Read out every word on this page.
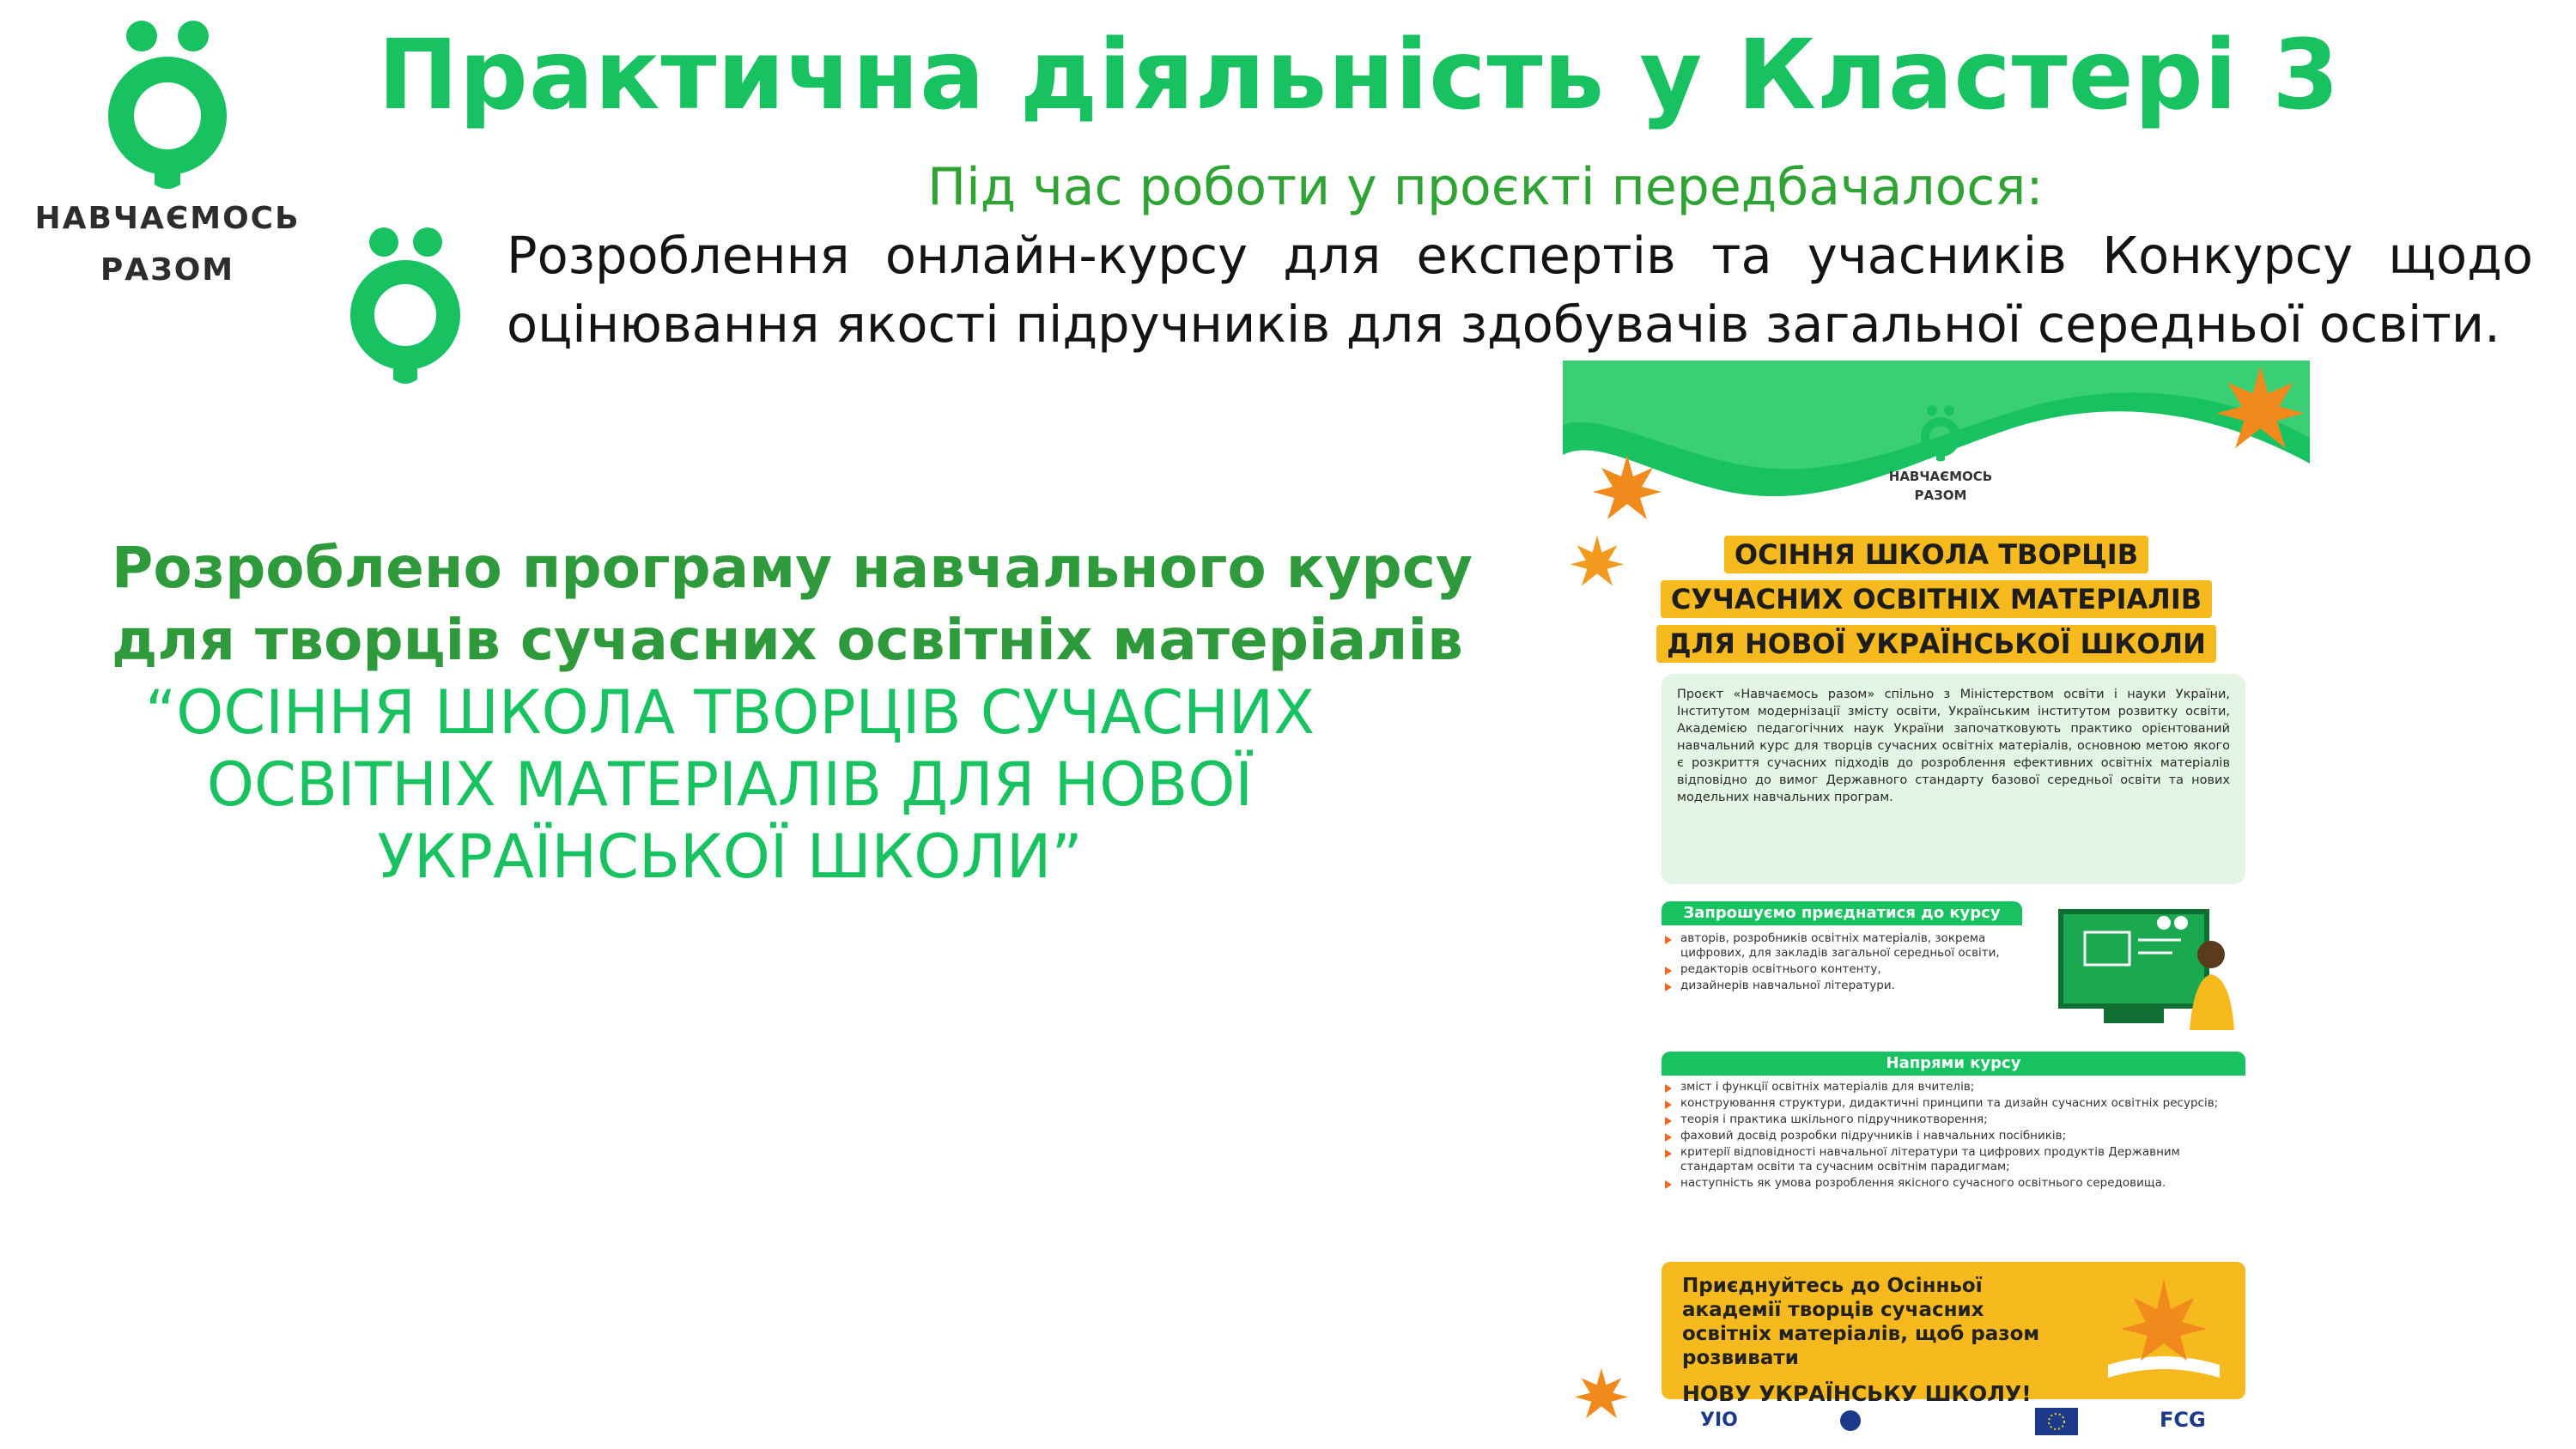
НАВЧАЄМОСЬ
РАЗОМ
Практична діяльність у Кластері 3
Під час роботи у проєкті передбачалося:
Розроблення онлайн-курсу для експертів та учасників Конкурсу щодо оцінювання якості підручників для здобувачів загальної середньої освіти.
Розроблено програму навчального курсу
для творців сучасних освітніх матеріалів
“ОСІННЯ ШКОЛА ТВОРЦІВ СУЧАСНИХ
ОСВІТНІХ МАТЕРІАЛІВ ДЛЯ НОВОЇ
УКРАЇНСЬКОЇ ШКОЛИ”
НАВЧАЄМОСЬ
РАЗОМ
ОСІННЯ ШКОЛА ТВОРЦІВ
СУЧАСНИХ ОСВІТНІХ МАТЕРІАЛІВ
ДЛЯ НОВОЇ УКРАЇНСЬКОЇ ШКОЛИ
Проєкт «Навчаємось разом» спільно з Міністерством освіти і науки України, Інститутом модернізації змісту освіти, Українським інститутом розвитку освіти, Академією педагогічних наук України започатковують практико орієнтований навчальний курс для творців сучасних освітніх матеріалів, основною метою якого є розкриття сучасних підходів до розроблення ефективних освітніх матеріалів відповідно до вимог Державного стандарту базової середньої освіти та нових модельних навчальних програм.
Запрошуємо приєднатися до курсу
авторів, розробників освітніх матеріалів, зокрема цифрових, для закладів загальної середньої освіти,
редакторів освітнього контенту,
дизайнерів навчальної літератури.
Напрями курсу
зміст і функції освітніх матеріалів для вчителів;
конструювання структури, дидактичні принципи та дизайн сучасних освітніх ресурсів;
теорія і практика шкільного підручникотворення;
фаховий досвід розробки підручників і навчальних посібників;
критерії відповідності навчальної літератури та цифрових продуктів Державним стандартам освіти та сучасним освітнім парадигмам;
наступність як умова розроблення якісного сучасного освітнього середовища.
Приєднуйтесь до Осінньої академії творців сучасних освітніх матеріалів, щоб разом розвивати
НОВУ УКРАЇНСЬКУ ШКОЛУ!
УІО	FCG
